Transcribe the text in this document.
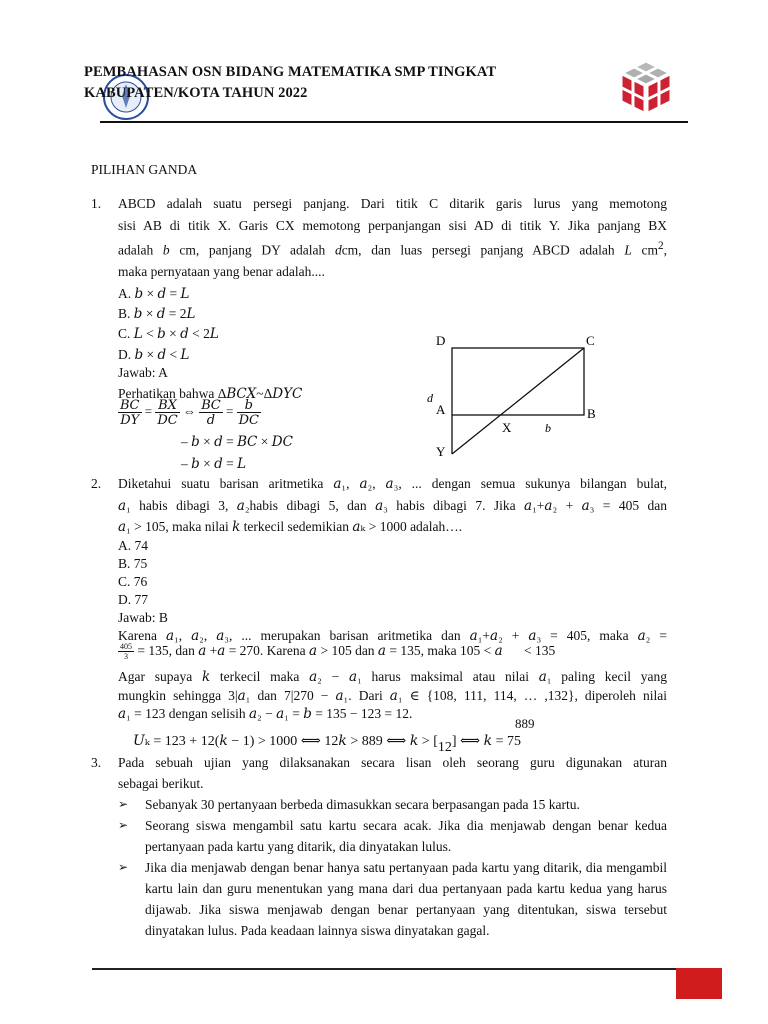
PEMBAHASAN OSN BIDANG MATEMATIKA SMP TINGKAT
KABUPATEN/KOTA TAHUN 2022
PILIHAN GANDA
1. ABCD adalah suatu persegi panjang. Dari titik C ditarik garis lurus yang memotong
sisi AB di titik X. Garis CX memotong perpanjangan sisi AD di titik Y. Jika panjang BX
adalah b cm, panjang DY adalah dcm, dan luas persegi panjang ABCD adalah L $cm^2$,
maka pernyataan yang benar adalah....
A. 𝑏 × 𝑑 = 𝐿
B. 𝑏 × 𝑑 = 2𝐿
C. 𝐿 < 𝑏 × 𝑑 < 2𝐿
D. 𝑏 × 𝑑 < 𝐿
Jawab: A
Perhatikan bahwa Δ𝐵𝐶𝑋~Δ𝐷𝑌𝐶
$\frac{\text{𝐵𝐶}}{\text{𝐷𝑌}} = \frac{\text{𝐵𝑋}}{\text{𝐷𝐶}}$ ⇔ $\frac{\text{𝐵𝐶}}{\text{𝑑}} = \frac{\text{𝑏}}{\text{𝐷𝐶}}$
– 𝑏 × 𝑑 = 𝐵𝐶 × 𝐷𝐶
– 𝑏 × 𝑑 = 𝐿
D	C
A	B
X
Y
d
b
2. Diketahui suatu barisan aritmetika 𝑎₁, 𝑎₂, 𝑎₃, ... dengan semua sukunya bilangan bulat,
𝑎₁ habis dibagi 3, 𝑎₂habis dibagi 5, dan 𝑎₃ habis dibagi 7. Jika 𝑎₁+𝑎₂ + 𝑎₃ = 405 dan
𝑎₁ > 105, maka nilai 𝑘 terkecil sedemikian 𝑎ₖ > 1000 adalah….
A. 74
B. 75
C. 76
D. 77
Jawab: B
Karena 𝑎₁, 𝑎₂, 𝑎₃, ... merupakan barisan aritmetika dan 𝑎₁+𝑎₂ + 𝑎₃ = 405, maka 𝑎₂ =
$\frac{405}{3} = 135$, dan 𝑎 +𝑎 = 270. Karena 𝑎 > 105 dan 𝑎 = 135, maka 105 < 𝑎 < 135
Agar supaya 𝑘 terkecil maka 𝑎₂ − 𝑎₁ harus maksimal atau nilai 𝑎₁ paling kecil yang
mungkin sehingga 3|𝑎₁ dan 7|270 − 𝑎₁. Dari 𝑎₁ ∈ {108, 111, 114, … ,132}, diperoleh nilai
𝑎₁ = 123 dengan selisih 𝑎₂ − 𝑎₁ = 𝑏 = 135 − 123 = 12.
889
𝑈ₖ = 123 + 12(𝑘 − 1) > 1000 ⟺ 12𝑘 > 889 ⟺ 𝑘 > [12] ⟺ 𝑘 = 75
3. Pada sebuah ujian yang dilaksanakan secara lisan oleh seorang guru digunakan aturan
sebagai berikut.
➢ Sebanyak 30 pertanyaan berbeda dimasukkan secara berpasangan pada 15 kartu.
➢ Seorang siswa mengambil satu kartu secara acak. Jika dia menjawab dengan benar kedua pertanyaan pada kartu yang ditarik, dia dinyatakan lulus.
➢ Jika dia menjawab dengan benar hanya satu pertanyaan pada kartu yang ditarik, dia mengambil kartu lain dan guru menentukan yang mana dari dua pertanyaan pada kartu kedua yang harus dijawab. Jika siswa menjawab dengan benar pertanyaan yang ditentukan, siswa tersebut dinyatakan lulus. Pada keadaan lainnya siswa dinyatakan gagal.
